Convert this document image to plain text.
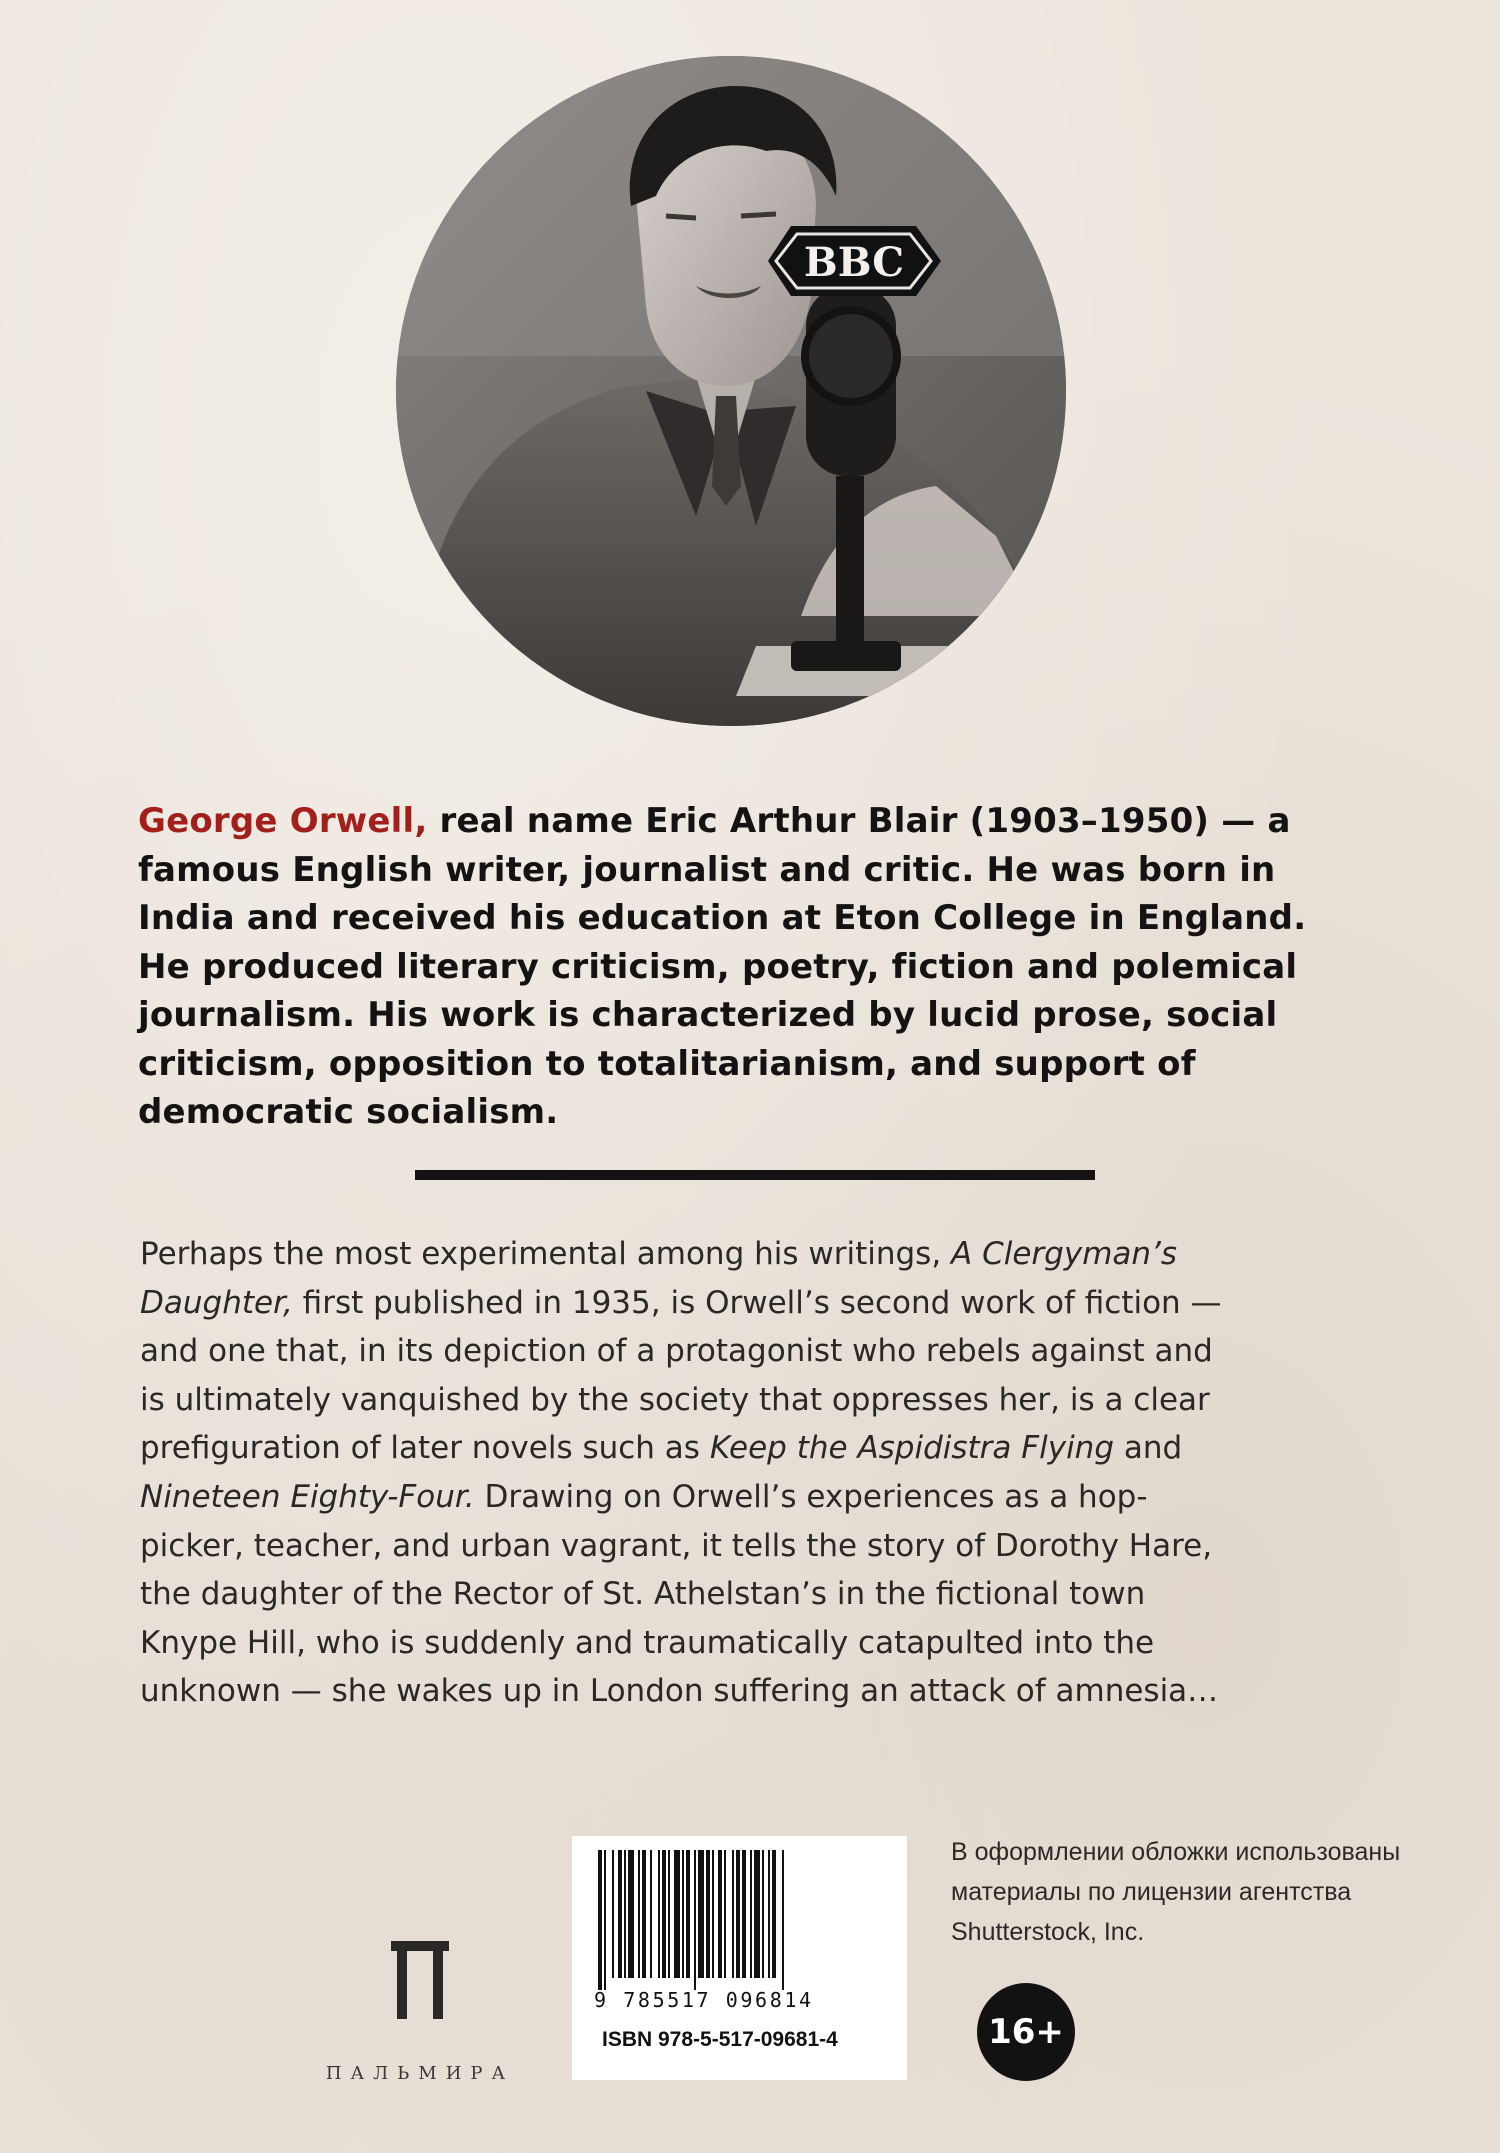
BBC

George Orwell, real name Eric Arthur Blair (1903–1950) — a famous English writer, journalist and critic. He was born in India and received his education at Eton College in England. He produced literary criticism, poetry, fiction and polemical journalism. His work is characterized by lucid prose, social criticism, opposition to totalitarianism, and support of democratic socialism.

Perhaps the most experimental among his writings, A Clergyman’s
Daughter, first published in 1935, is Orwell’s second work of fiction —
and one that, in its depiction of a protagonist who rebels against and
is ultimately vanquished by the society that oppresses her, is a clear
prefiguration of later novels such as Keep the Aspidistra Flying and
Nineteen Eighty-Four. Drawing on Orwell’s experiences as a hop-
picker, teacher, and urban vagrant, it tells the story of Dorothy Hare,
the daughter of the Rector of St. Athelstan’s in the fictional town
Knype Hill, who is suddenly and traumatically catapulted into the
unknown — she wakes up in London suffering an attack of amnesia…
ПАЛЬМИРА
9 785517 096814
ISBN 978-5-517-09681-4
В оформлении обложки использованы
материалы по лицензии агентства
Shutterstock, Inc.
16+
